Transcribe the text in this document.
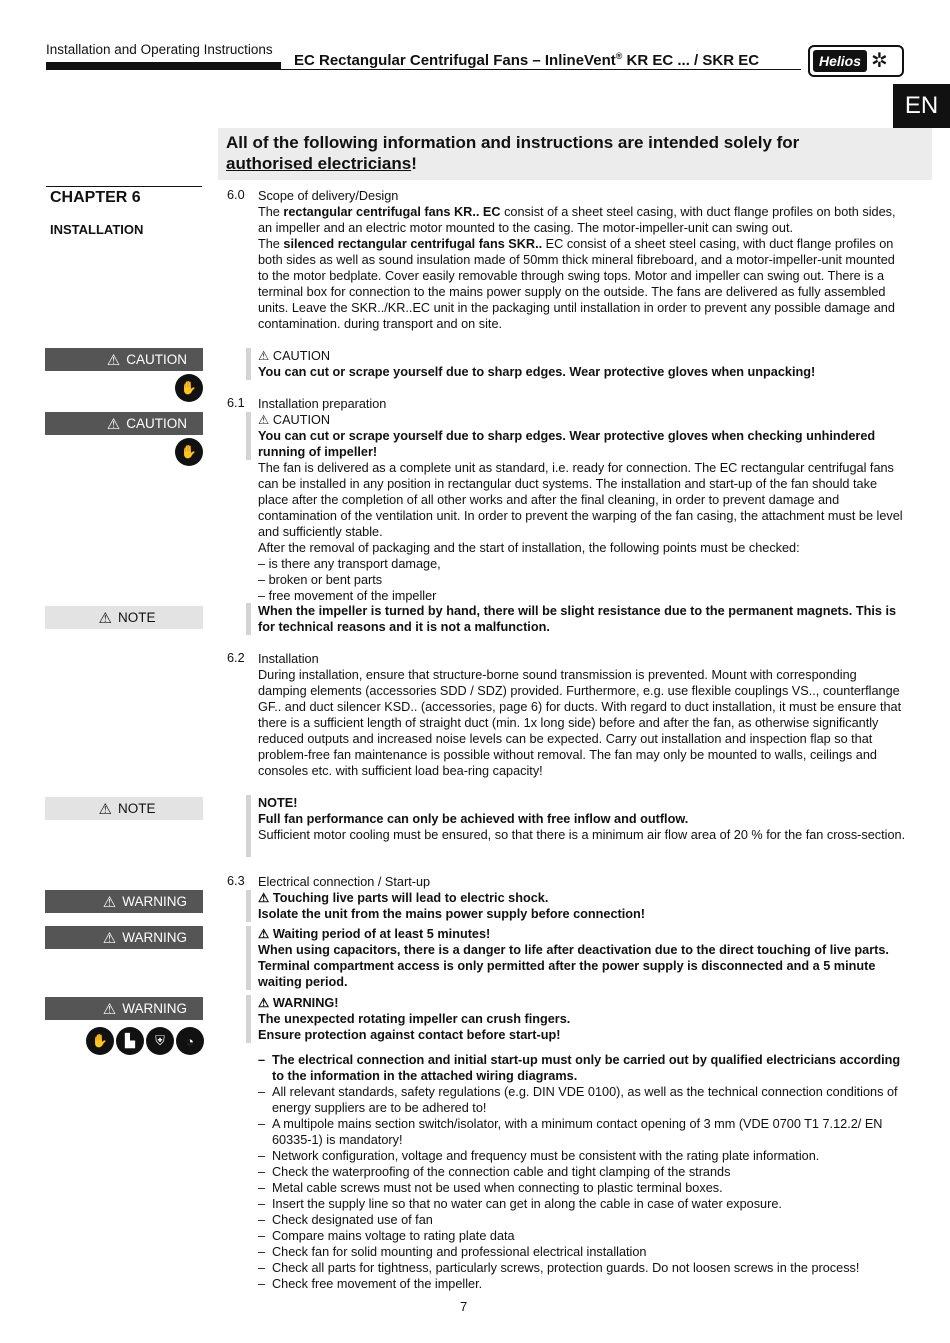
Installation and Operating Instructions
EC Rectangular Centrifugal Fans – InlineVent® KR EC ... / SKR EC	Helios ✲
EN
All of the following information and instructions are intended solely for
authorised electricians!
CHAPTER 6
INSTALLATION
6.0 Scope of delivery/Design
The rectangular centrifugal fans KR.. EC consist of a sheet steel casing, with duct flange profiles on both sides, an impeller and an electric motor mounted to the casing. The motor-impeller-unit can swing out.
The silenced rectangular centrifugal fans SKR.. EC consist of a sheet steel casing, with duct flange profiles on both sides as well as sound insulation made of 50mm thick mineral fibreboard, and a motor-impeller-unit mounted to the motor bedplate. Cover easily removable through swing tops. Motor and impeller can swing out. There is a terminal box for connection to the mains power supply on the outside. The fans are delivered as fully assembled units. Leave the SKR../KR..EC unit in the packaging until installation in order to prevent any possible damage and contamination. during transport and on site.
⚠ CAUTION
✋
⚠ CAUTION
You can cut or scrape yourself due to sharp edges. Wear protective gloves when unpacking!
6.1
⚠ CAUTION
✋
Installation preparation
⚠ CAUTION
You can cut or scrape yourself due to sharp edges. Wear protective gloves when checking unhindered running of impeller!
The fan is delivered as a complete unit as standard, i.e. ready for connection. The EC rectangular centrifugal fans can be installed in any position in rectangular duct systems. The installation and start-up of the fan should take place after the completion of all other works and after the final cleaning, in order to prevent damage and contamination of the ventilation unit. In order to prevent the warping of the fan casing, the attachment must be level and sufficiently stable.
After the removal of packaging and the start of installation, the following points must be checked:
– is there any transport damage,
– broken or bent parts
– free movement of the impeller
⚠ NOTE	When the impeller is turned by hand, there will be slight resistance due to the permanent magnets. This is for technical reasons and it is not a malfunction.
6.2 Installation
During installation, ensure that structure-borne sound transmission is prevented. Mount with corresponding damping elements (accessories SDD / SDZ) provided. Furthermore, e.g. use flexible couplings VS.., counterflange GF.. and duct silencer KSD.. (accessories, page 6) for ducts. With regard to duct installation, it must be ensure that there is a sufficient length of straight duct (min. 1x long side) before and after the fan, as otherwise significantly reduced outputs and increased noise levels can be expected. Carry out installation and inspection flap so that problem-free fan maintenance is possible without removal. The fan may only be mounted to walls, ceilings and consoles etc. with sufficient load bea-ring capacity!
⚠ NOTE	NOTE!
Full fan performance can only be achieved with free inflow and outflow.
Sufficient motor cooling must be ensured, so that there is a minimum air flow area of 20 % for the fan cross-section.
6.3 Electrical connection / Start-up
⚠ WARNING	⚠ Touching live parts will lead to electric shock.
Isolate the unit from the mains power supply before connection!
⚠ WARNING	⚠ Waiting period of at least 5 minutes!
When using capacitors, there is a danger to life after deactivation due to the direct touching of live parts. Terminal compartment access is only permitted after the power supply is disconnected and a 5 minute waiting period.
⚠ WARNING
✋	▙	⛨	◔
⚠ WARNING!
The unexpected rotating impeller can crush fingers.
Ensure protection against contact before start-up!
– The electrical connection and initial start-up must only be carried out by qualified electricians according to the information in the attached wiring diagrams.
– All relevant standards, safety regulations (e.g. DIN VDE 0100), as well as the technical connection conditions of energy suppliers are to be adhered to!
– A multipole mains section switch/isolator, with a minimum contact opening of 3 mm (VDE 0700 T1 7.12.2/ EN 60335-1) is mandatory!
– Network configuration, voltage and frequency must be consistent with the rating plate information.
– Check the waterproofing of the connection cable and tight clamping of the strands
– Metal cable screws must not be used when connecting to plastic terminal boxes.
– Insert the supply line so that no water can get in along the cable in case of water exposure.
– Check designated use of fan
– Compare mains voltage to rating plate data
– Check fan for solid mounting and professional electrical installation
– Check all parts for tightness, particularly screws, protection guards. Do not loosen screws in the process!
– Check free movement of the impeller.
7
